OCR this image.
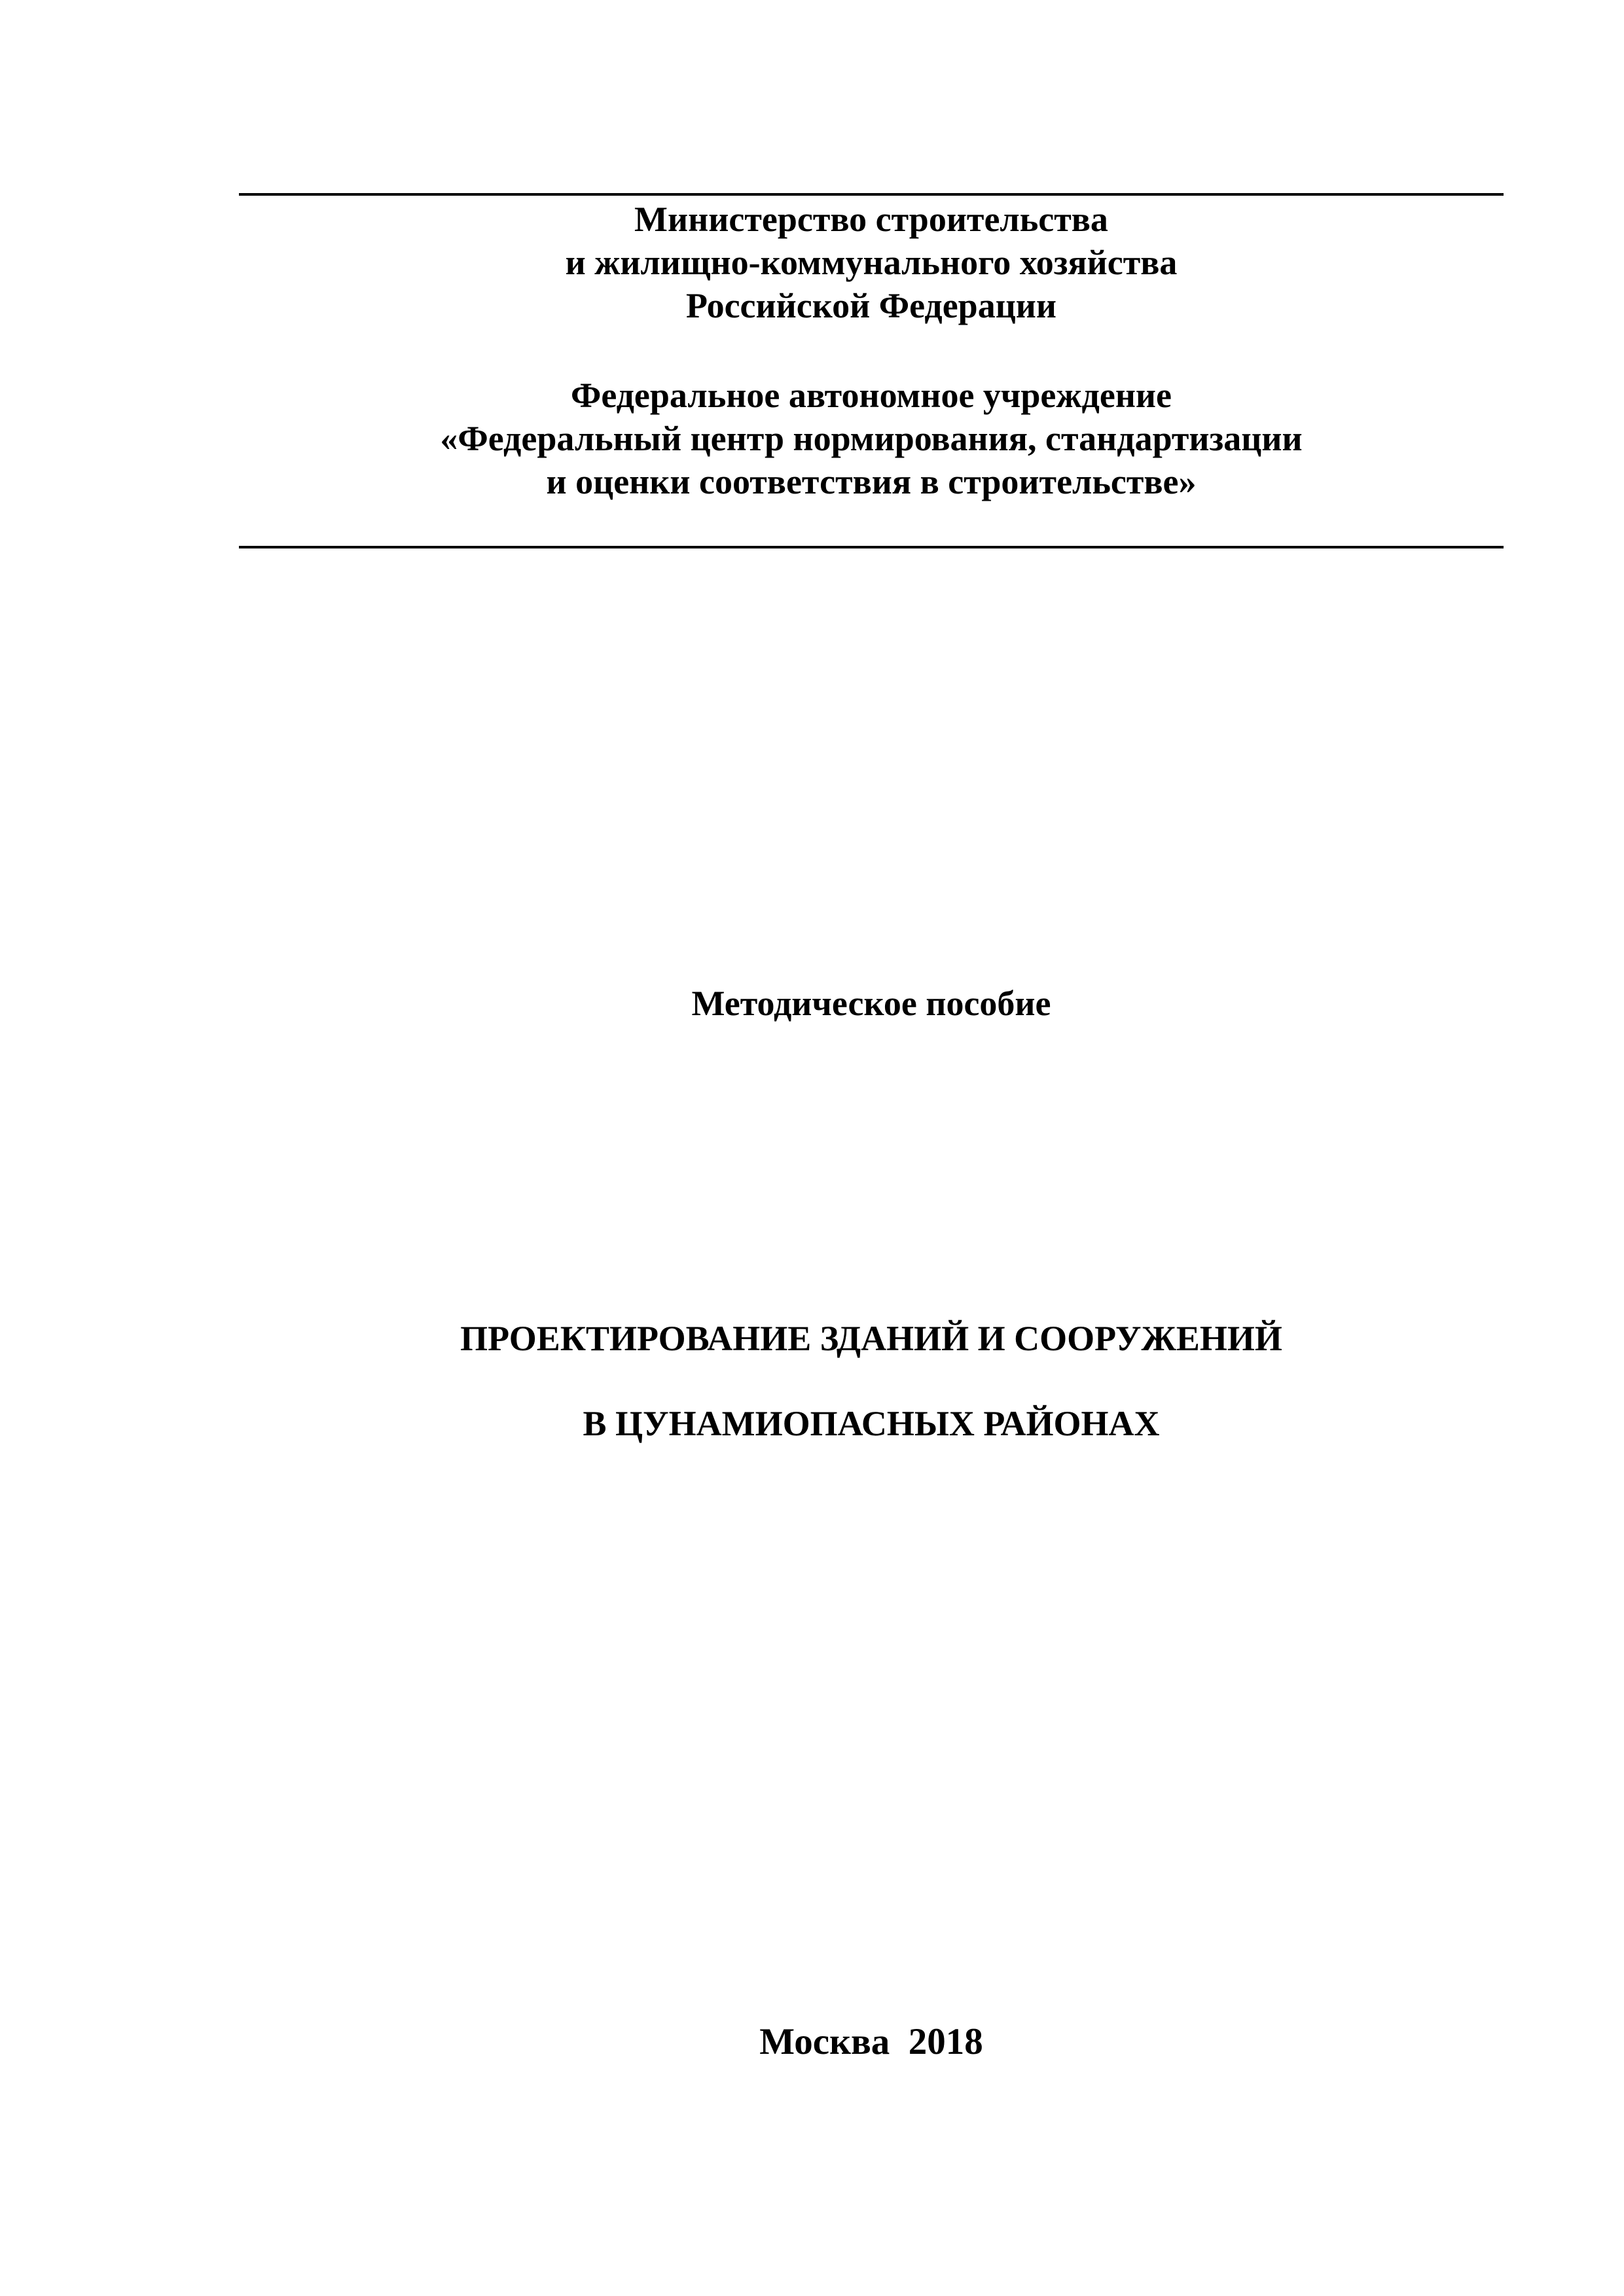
Министерство строительства
и жилищно-коммунального хозяйства
Российской Федерации
Федеральное автономное учреждение
«Федеральный центр нормирования, стандартизации
и оценки соответствия в строительстве»
Методическое пособие
ПРОЕКТИРОВАНИЕ ЗДАНИЙ И СООРУЖЕНИЙ
В ЦУНАМИОПАСНЫХ РАЙОНАХ
Москва  2018
